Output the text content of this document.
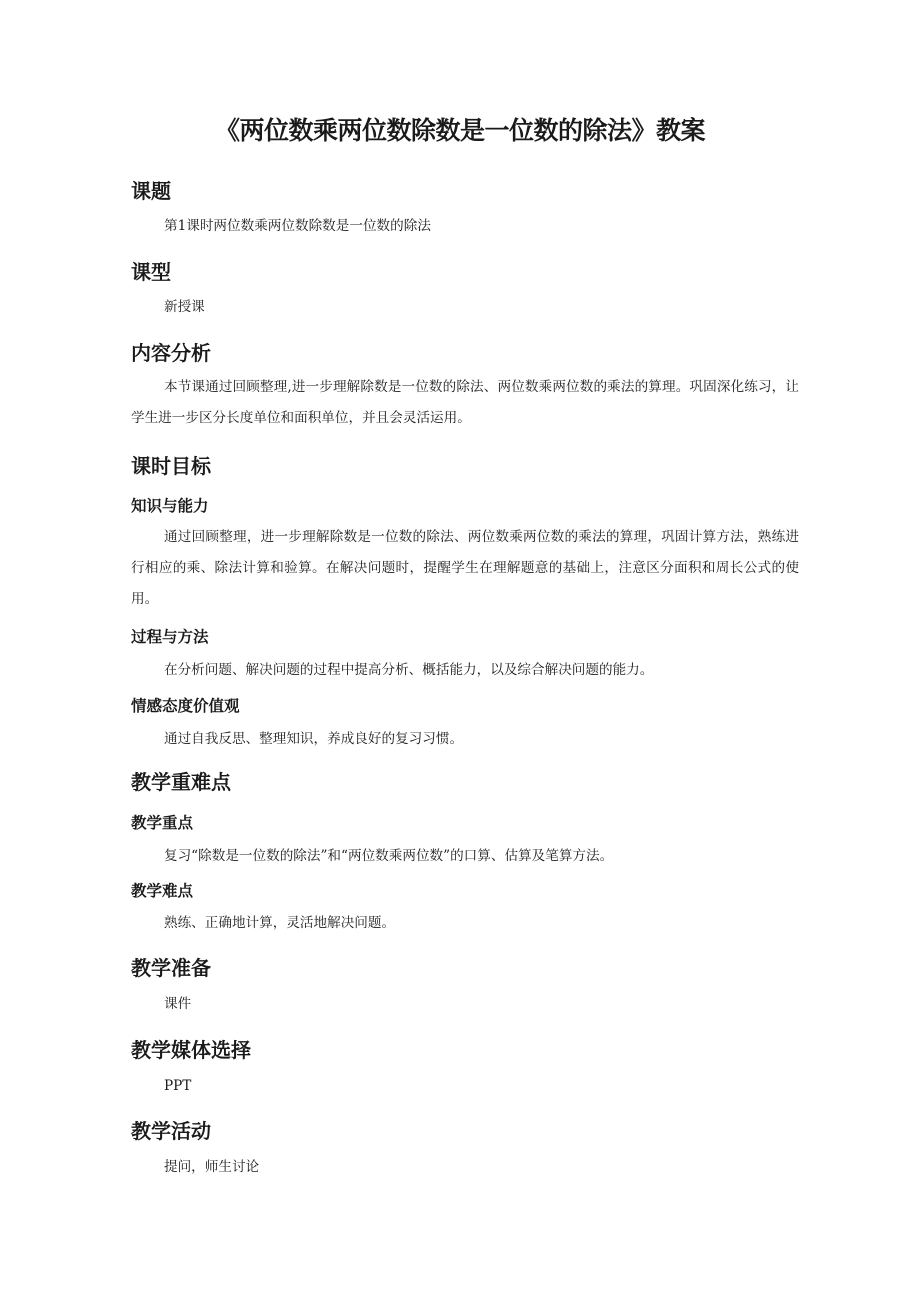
《两位数乘两位数除数是一位数的除法》教案
课题
第1课时两位数乘两位数除数是一位数的除法
课型
新授课
内容分析
本节课通过回顾整理,进一步理解除数是一位数的除法、两位数乘两位数的乘法的算理。巩固深化练习，让学生进一步区分长度单位和面积单位，并且会灵活运用。
课时目标
知识与能力
通过回顾整理，进一步理解除数是一位数的除法、两位数乘两位数的乘法的算理，巩固计算方法，熟练进行相应的乘、除法计算和验算。在解决问题时，提醒学生在理解题意的基础上，注意区分面积和周长公式的使用。
过程与方法
在分析问题、解决问题的过程中提高分析、概括能力，以及综合解决问题的能力。
情感态度价值观
通过自我反思、整理知识，养成良好的复习习惯。
教学重难点
教学重点
复习“除数是一位数的除法”和“两位数乘两位数”的口算、估算及笔算方法。
教学难点
熟练、正确地计算，灵活地解决问题。
教学准备
课件
教学媒体选择
PPT
教学活动
提问，师生讨论
